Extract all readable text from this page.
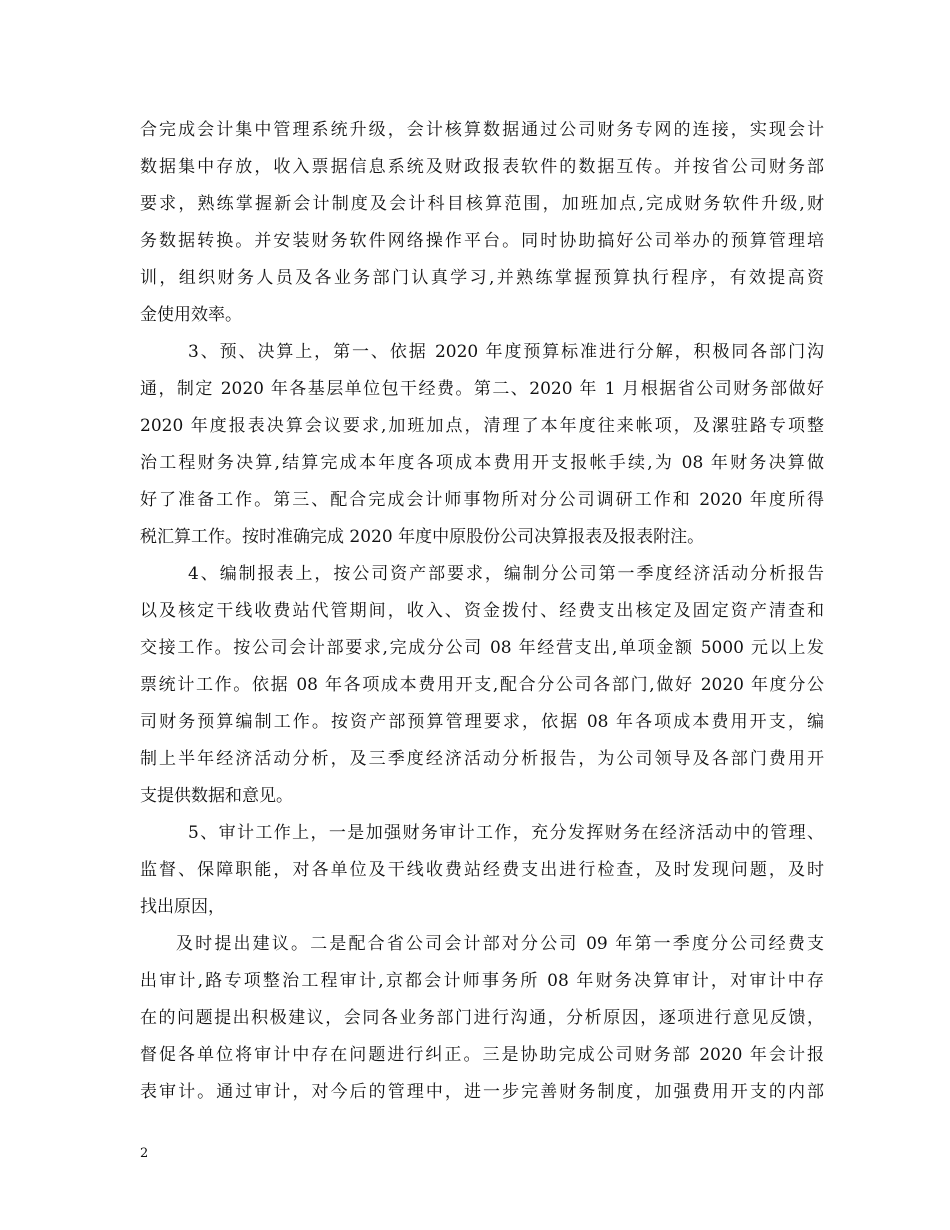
合完成会计集中管理系统升级，会计核算数据通过公司财务专网的连接，实现会计
数据集中存放，收入票据信息系统及财政报表软件的数据互传。并按省公司财务部
要求，熟练掌握新会计制度及会计科目核算范围，加班加点,完成财务软件升级,财
务数据转换。并安装财务软件网络操作平台。同时协助搞好公司举办的预算管理培
训，组织财务人员及各业务部门认真学习,并熟练掌握预算执行程序，有效提高资
金使用效率。
3、预、决算上，第一、依据 2020 年度预算标准进行分解，积极同各部门沟
通，制定 2020 年各基层单位包干经费。第二、2020 年 1 月根据省公司财务部做好
2020 年度报表决算会议要求,加班加点，清理了本年度往来帐项，及漯驻路专项整
治工程财务决算,结算完成本年度各项成本费用开支报帐手续,为 08 年财务决算做
好了准备工作。第三、配合完成会计师事物所对分公司调研工作和 2020 年度所得
税汇算工作。按时准确完成 2020 年度中原股份公司决算报表及报表附注。
4、编制报表上，按公司资产部要求，编制分公司第一季度经济活动分析报告
以及核定干线收费站代管期间，收入、资金拨付、经费支出核定及固定资产清查和
交接工作。按公司会计部要求,完成分公司 08 年经营支出,单项金额 5000 元以上发
票统计工作。依据 08 年各项成本费用开支,配合分公司各部门,做好 2020 年度分公
司财务预算编制工作。按资产部预算管理要求，依据 08 年各项成本费用开支，编
制上半年经济活动分析，及三季度经济活动分析报告，为公司领导及各部门费用开
支提供数据和意见。
5、审计工作上，一是加强财务审计工作，充分发挥财务在经济活动中的管理、
监督、保障职能，对各单位及干线收费站经费支出进行检查，及时发现问题，及时
找出原因，
及时提出建议。二是配合省公司会计部对分公司 09 年第一季度分公司经费支
出审计,路专项整治工程审计,京都会计师事务所 08 年财务决算审计，对审计中存
在的问题提出积极建议，会同各业务部门进行沟通，分析原因，逐项进行意见反馈，
督促各单位将审计中存在问题进行纠正。三是协助完成公司财务部 2020 年会计报
表审计。通过审计，对今后的管理中，进一步完善财务制度，加强费用开支的内部
2
